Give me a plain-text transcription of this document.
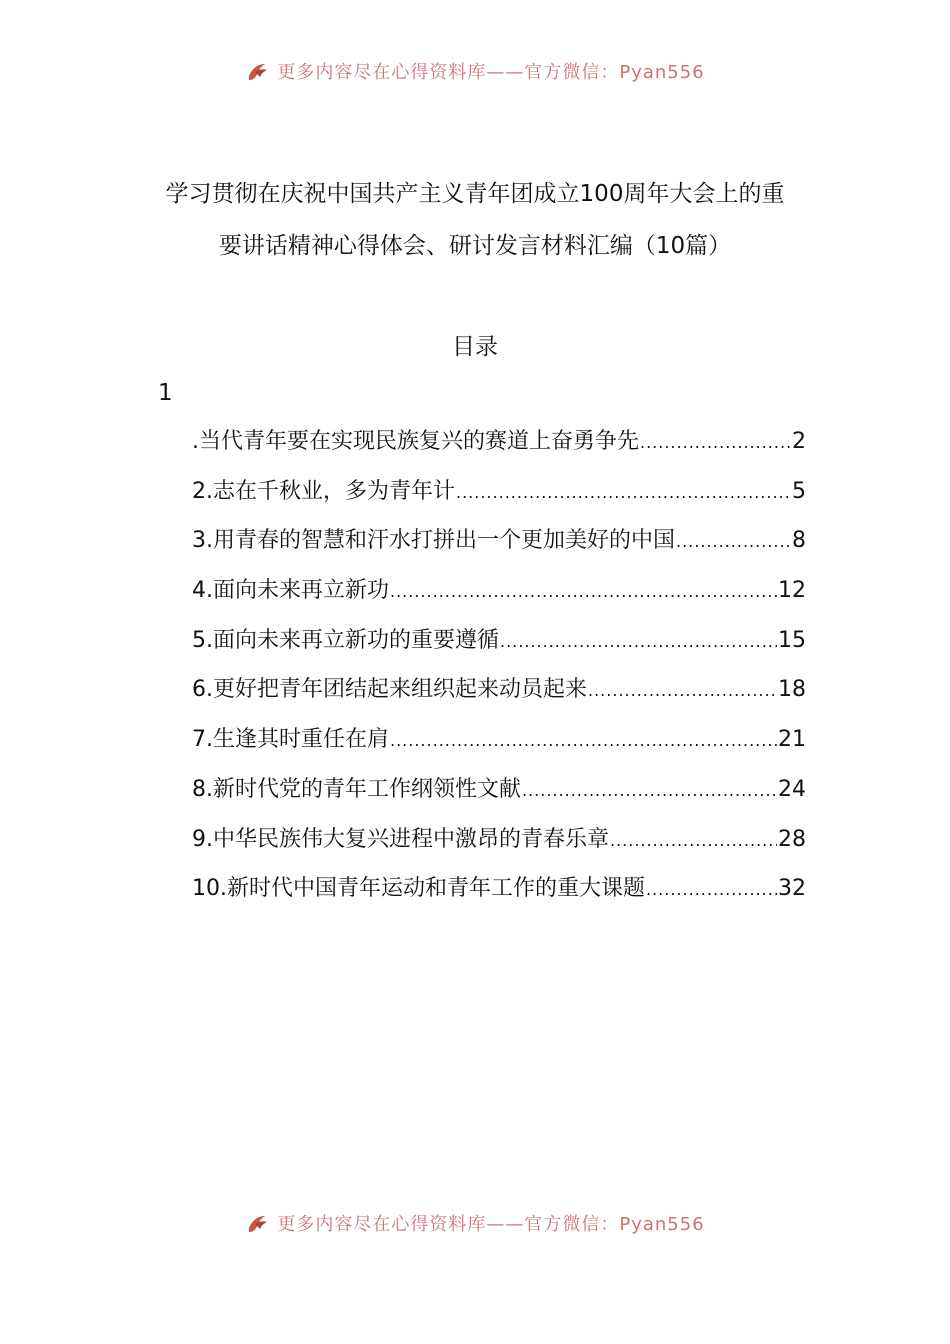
更多内容尽在心得资料库——官方微信：Pyan556
学习贯彻在庆祝中国共产主义青年团成立100周年大会上的重
要讲话精神心得体会、研讨发言材料汇编（10篇）
目录
1
.当代青年要在实现民族复兴的赛道上奋勇争先 .....	2
2.志在千秋业，多为青年计 .....	5
3.用青春的智慧和汗水打拼出一个更加美好的中国 .....	8
4.面向未来再立新功 .....	12
5.面向未来再立新功的重要遵循 .....	15
6.更好把青年团结起来组织起来动员起来 .....	18
7.生逢其时重任在肩 .....	21
8.新时代党的青年工作纲领性文献 .....	24
9.中华民族伟大复兴进程中激昂的青春乐章 .....	28
10.新时代中国青年运动和青年工作的重大课题 .....	32
更多内容尽在心得资料库——官方微信：Pyan556
